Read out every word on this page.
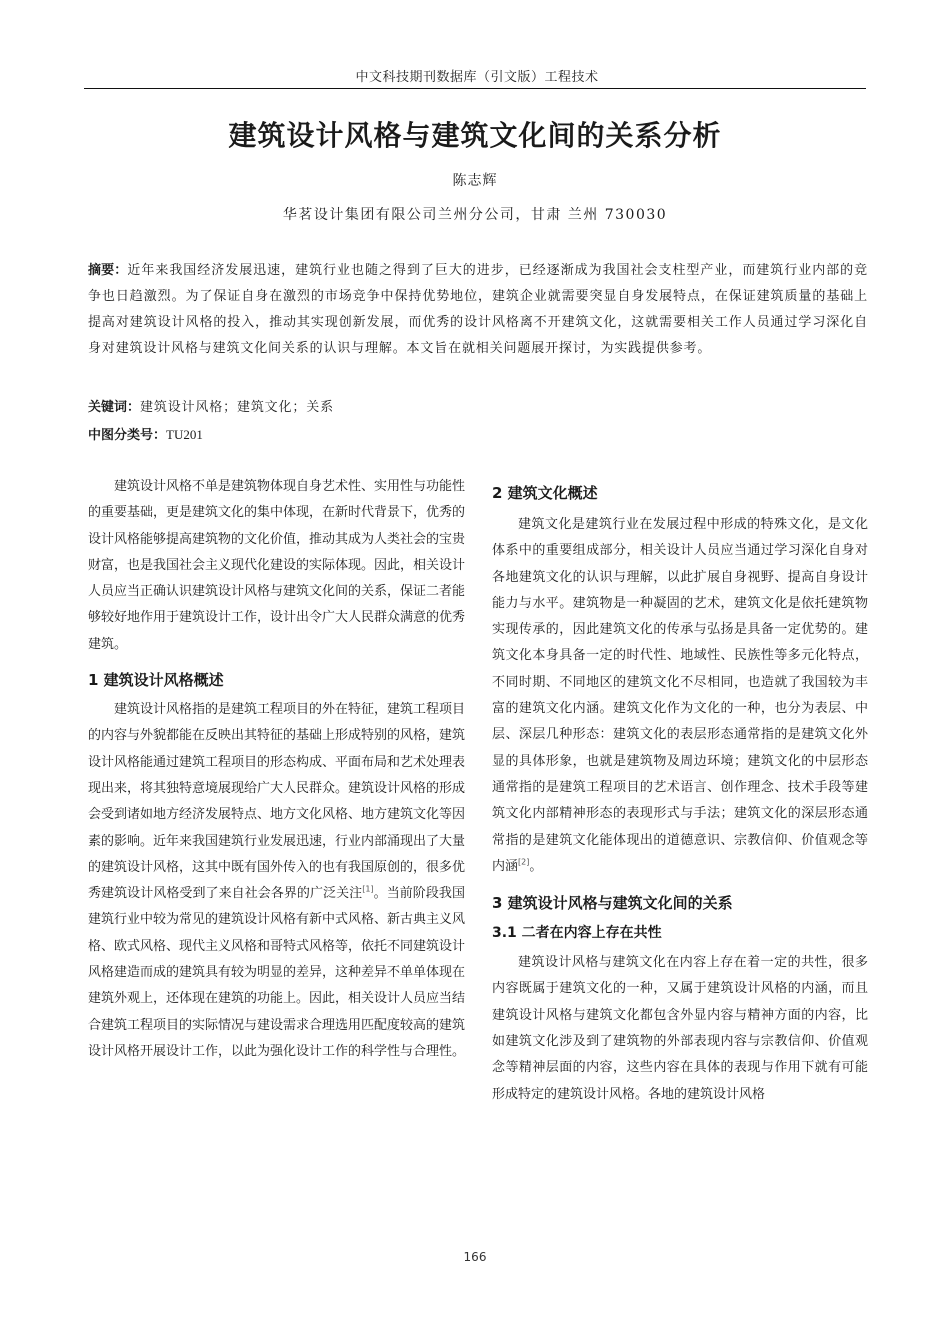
中文科技期刊数据库（引文版）工程技术
建筑设计风格与建筑文化间的关系分析
陈志辉
华茗设计集团有限公司兰州分公司，甘肃 兰州 730030

摘要：近年来我国经济发展迅速，建筑行业也随之得到了巨大的进步，已经逐渐成为我国社会支柱型产业，而建筑行业内部的竞争也日趋激烈。为了保证自身在激烈的市场竞争中保持优势地位，建筑企业就需要突显自身发展特点，在保证建筑质量的基础上提高对建筑设计风格的投入，推动其实现创新发展，而优秀的设计风格离不开建筑文化，这就需要相关工作人员通过学习深化自身对建筑设计风格与建筑文化间关系的认识与理解。本文旨在就相关问题展开探讨，为实践提供参考。

关键词：建筑设计风格；建筑文化；关系

中图分类号：TU201

建筑设计风格不单是建筑物体现自身艺术性、实用性与功能性的重要基础，更是建筑文化的集中体现，在新时代背景下，优秀的设计风格能够提高建筑物的文化价值，推动其成为人类社会的宝贵财富，也是我国社会主义现代化建设的实际体现。因此，相关设计人员应当正确认识建筑设计风格与建筑文化间的关系，保证二者能够较好地作用于建筑设计工作，设计出令广大人民群众满意的优秀建筑。

1 建筑设计风格概述

建筑设计风格指的是建筑工程项目的外在特征，建筑工程项目的内容与外貌都能在反映出其特征的基础上形成特别的风格，建筑设计风格能通过建筑工程项目的形态构成、平面布局和艺术处理表现出来，将其独特意境展现给广大人民群众。建筑设计风格的形成会受到诸如地方经济发展特点、地方文化风格、地方建筑文化等因素的影响。近年来我国建筑行业发展迅速，行业内部涌现出了大量的建筑设计风格，这其中既有国外传入的也有我国原创的，很多优秀建筑设计风格受到了来自社会各界的广泛关注[1]。当前阶段我国建筑行业中较为常见的建筑设计风格有新中式风格、新古典主义风格、欧式风格、现代主义风格和哥特式风格等，依托不同建筑设计风格建造而成的建筑具有较为明显的差异，这种差异不单单体现在建筑外观上，还体现在建筑的功能上。因此，相关设计人员应当结合建筑工程项目的实际情况与建设需求合理选用匹配度较高的建筑设计风格开展设计工作，以此为强化设计工作的科学性与合理性。

2 建筑文化概述

建筑文化是建筑行业在发展过程中形成的特殊文化，是文化体系中的重要组成部分，相关设计人员应当通过学习深化自身对各地建筑文化的认识与理解，以此扩展自身视野、提高自身设计能力与水平。建筑物是一种凝固的艺术，建筑文化是依托建筑物实现传承的，因此建筑文化的传承与弘扬是具备一定优势的。建筑文化本身具备一定的时代性、地域性、民族性等多元化特点，不同时期、不同地区的建筑文化不尽相同，也造就了我国较为丰富的建筑文化内涵。建筑文化作为文化的一种，也分为表层、中层、深层几种形态：建筑文化的表层形态通常指的是建筑文化外显的具体形象，也就是建筑物及周边环境；建筑文化的中层形态通常指的是建筑工程项目的艺术语言、创作理念、技术手段等建筑文化内部精神形态的表现形式与手法；建筑文化的深层形态通常指的是建筑文化能体现出的道德意识、宗教信仰、价值观念等内涵[2]。

3 建筑设计风格与建筑文化间的关系
3.1 二者在内容上存在共性

建筑设计风格与建筑文化在内容上存在着一定的共性，很多内容既属于建筑文化的一种，又属于建筑设计风格的内涵，而且建筑设计风格与建筑文化都包含外显内容与精神方面的内容，比如建筑文化涉及到了建筑物的外部表现内容与宗教信仰、价值观念等精神层面的内容，这些内容在具体的表现与作用下就有可能形成特定的建筑设计风格。各地的建筑设计风格

166
